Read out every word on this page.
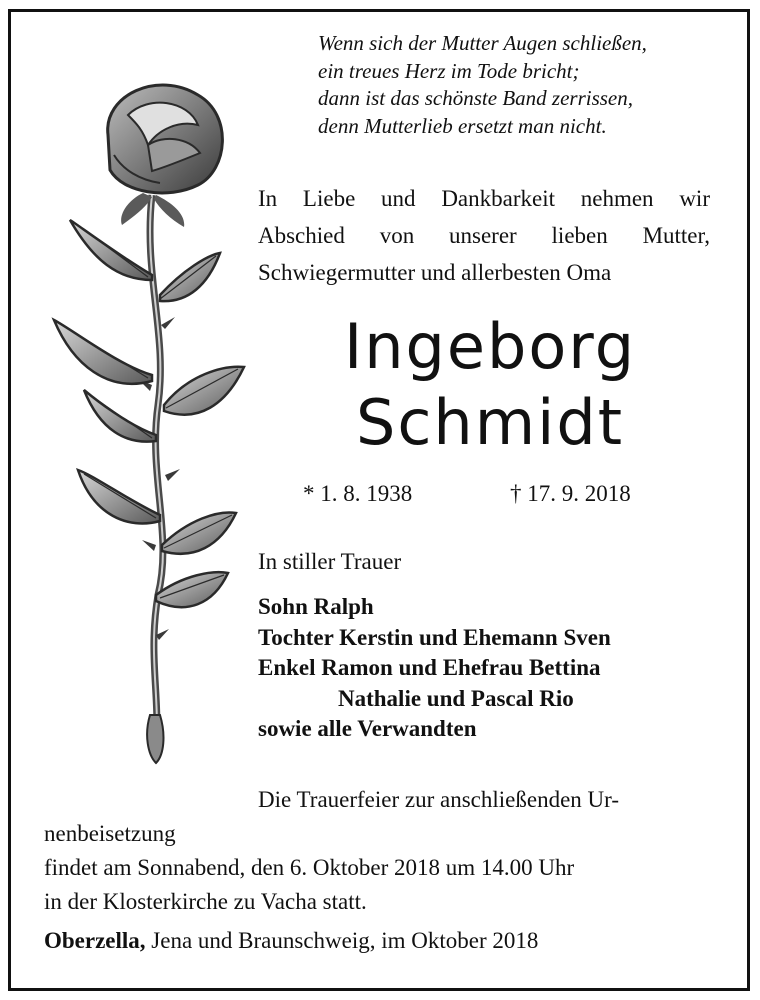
Wenn sich der Mutter Augen schließen,
ein treues Herz im Tode bricht;
dann ist das schönste Band zerrissen,
denn Mutterlieb ersetzt man nicht.
In Liebe und Dankbarkeit nehmen wir
Abschied von unserer lieben Mutter,
Schwiegermutter und allerbesten Oma
Ingeborg
Schmidt
* 1. 8. 1938	† 17. 9. 2018
In stiller Trauer
Sohn Ralph
Tochter Kerstin und Ehemann Sven
Enkel Ramon und Ehefrau Bettina
Nathalie und Pascal Rio
sowie alle Verwandten
Die Trauerfeier zur anschließenden Ur-
nenbeisetzung
findet am Sonnabend, den 6. Oktober 2018 um 14.00 Uhr
in der Klosterkirche zu Vacha statt.
Oberzella, Jena und Braunschweig, im Oktober 2018
